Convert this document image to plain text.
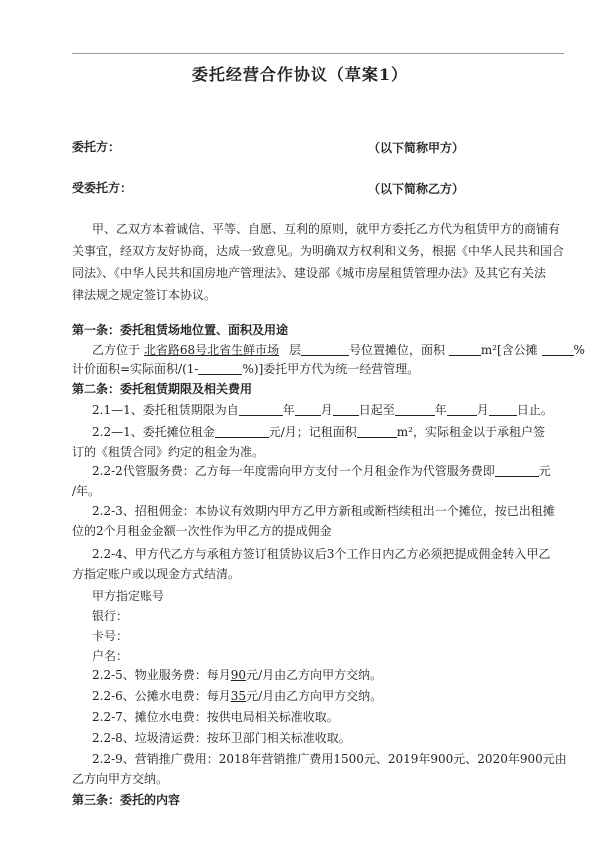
委托经营合作协议（草案1）
委托方：	（以下简称甲方）
受委托方：	（以下简称乙方）
甲、乙双方本着诚信、平等、自愿、互利的原则，就甲方委托乙方代为租赁甲方的商铺有
关事宜，经双方友好协商，达成一致意见。为明确双方权利和义务，根据《中华人民共和国合
同法》、《中华人民共和国房地产管理法》、建设部《城市房屋租赁管理办法》及其它有关法
律法规之规定签订本协议。
第一条：委托租赁场地位置、面积及用途
乙方位于 北省路68号北省生鲜市场 层	号位置摊位，面积	m²[含公摊	%
计价面积=实际面积/(1-	%)]委托甲方代为统一经营管理。
第二条：委托租赁期限及相关费用
2.1—1、委托租赁期限为自	年 月 日起至	年	月 日止。
2.2—1、委托摊位租金	元/月；记租面积	m²，实际租金以于承租户签
订的《租赁合同》约定的租金为准。
2.2-2代管服务费：乙方每一年度需向甲方支付一个月租金作为代管服务费即	元
/年。
2.2-3、招租佣金：本协议有效期内甲方乙甲方新租或断档续租出一个摊位，按已出租摊
位的2个月租金金额一次性作为甲乙方的提成佣金
2.2-4、甲方代乙方与承租方签订租赁协议后3个工作日内乙方必须把提成佣金转入甲乙
方指定账户或以现金方式结清。
甲方指定账号
银行：
卡号：
户名：
2.2-5、物业服务费：每月90元/月由乙方向甲方交纳。
2.2-6、公摊水电费：每月35元/月由乙方向甲方交纳。
2.2-7、摊位水电费：按供电局相关标准收取。
2.2-8、垃圾清运费：按环卫部门相关标准收取。
2.2-9、营销推广费用：2018年营销推广费用1500元、2019年900元、2020年900元由
乙方向甲方交纳。
第三条：委托的内容
